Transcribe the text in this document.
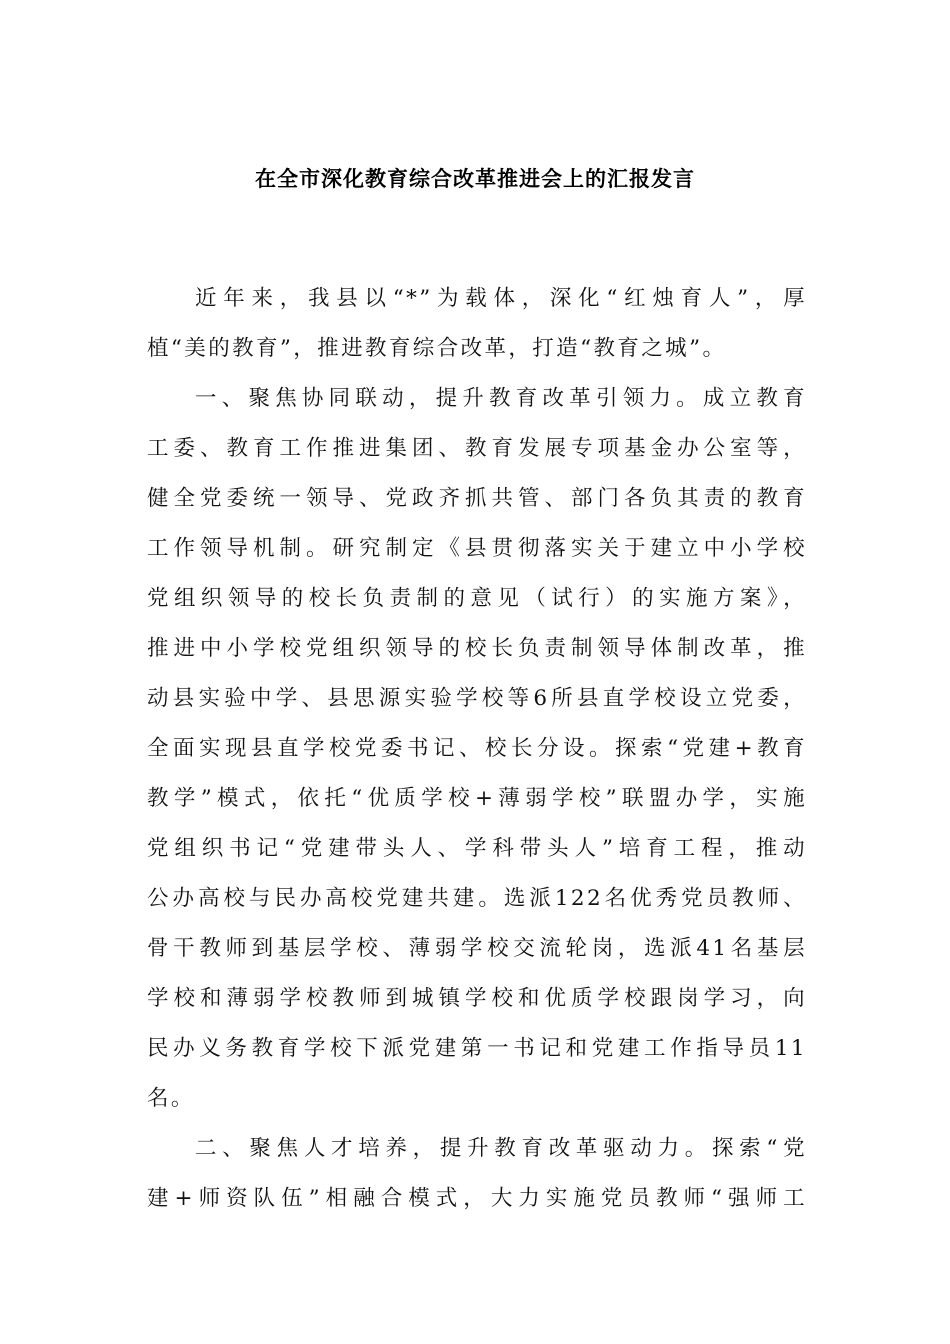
在全市深化教育综合改革推进会上的汇报发言
近年来，我县以“*”为载体，深化“红烛育人”，厚
植“美的教育”，推进教育综合改革，打造“教育之城”。
一、聚焦协同联动，提升教育改革引领力。成立教育
工委、教育工作推进集团、教育发展专项基金办公室等，
健全党委统一领导、党政齐抓共管、部门各负其责的教育
工作领导机制。研究制定《县贯彻落实关于建立中小学校
党组织领导的校长负责制的意见（试行）的实施方案》，
推进中小学校党组织领导的校长负责制领导体制改革，推
动县实验中学、县思源实验学校等6所县直学校设立党委，
全面实现县直学校党委书记、校长分设。探索“党建+教育
教学”模式，依托“优质学校+薄弱学校”联盟办学，实施
党组织书记“党建带头人、学科带头人”培育工程，推动
公办高校与民办高校党建共建。选派122名优秀党员教师、
骨干教师到基层学校、薄弱学校交流轮岗，选派41名基层
学校和薄弱学校教师到城镇学校和优质学校跟岗学习，向
民办义务教育学校下派党建第一书记和党建工作指导员11
名。
二、聚焦人才培养，提升教育改革驱动力。探索“党
建+师资队伍”相融合模式，大力实施党员教师“强师工
